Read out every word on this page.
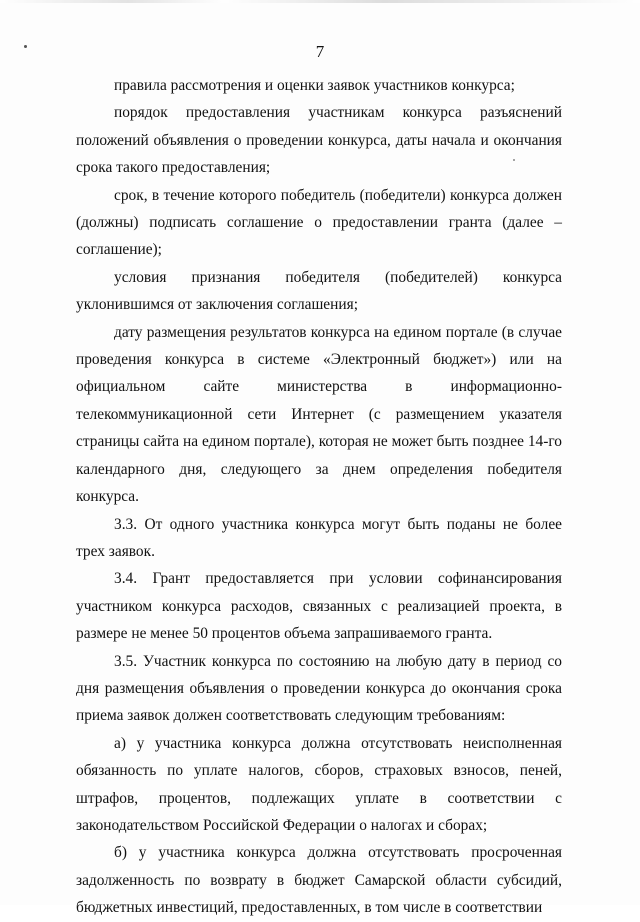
7

правила рассмотрения и оценки заявок участников конкурса;

порядок предоставления участникам конкурса разъяснений положений объявления о проведении конкурса, даты начала и окончания срока такого предоставления;

срок, в течение которого победитель (победители) конкурса должен (должны) подписать соглашение о предоставлении гранта (далее – соглашение);

условия признания победителя (победителей) конкурса уклонившимся от заключения соглашения;

дату размещения результатов конкурса на едином портале (в случае проведения конкурса в системе «Электронный бюджет») или на официальном сайте министерства в информационно-телекоммуникационной сети Интернет (с размещением указателя страницы сайта на едином портале), которая не может быть позднее 14-го календарного дня, следующего за днем определения победителя конкурса.

3.3. От одного участника конкурса могут быть поданы не более трех заявок.

3.4. Грант предоставляется при условии софинансирования участником конкурса расходов, связанных с реализацией проекта, в размере не менее 50 процентов объема запрашиваемого гранта.

3.5. Участник конкурса по состоянию на любую дату в период со дня размещения объявления о проведении конкурса до окончания срока приема заявок должен соответствовать следующим требованиям:

а) у участника конкурса должна отсутствовать неисполненная обязанность по уплате налогов, сборов, страховых взносов, пеней, штрафов, процентов, подлежащих уплате в соответствии с законодательством Российской Федерации о налогах и сборах;

б) у участника конкурса должна отсутствовать просроченная задолженность по возврату в бюджет Самарской области субсидий, бюджетных инвестиций, предоставленных, в том числе в соответствии
